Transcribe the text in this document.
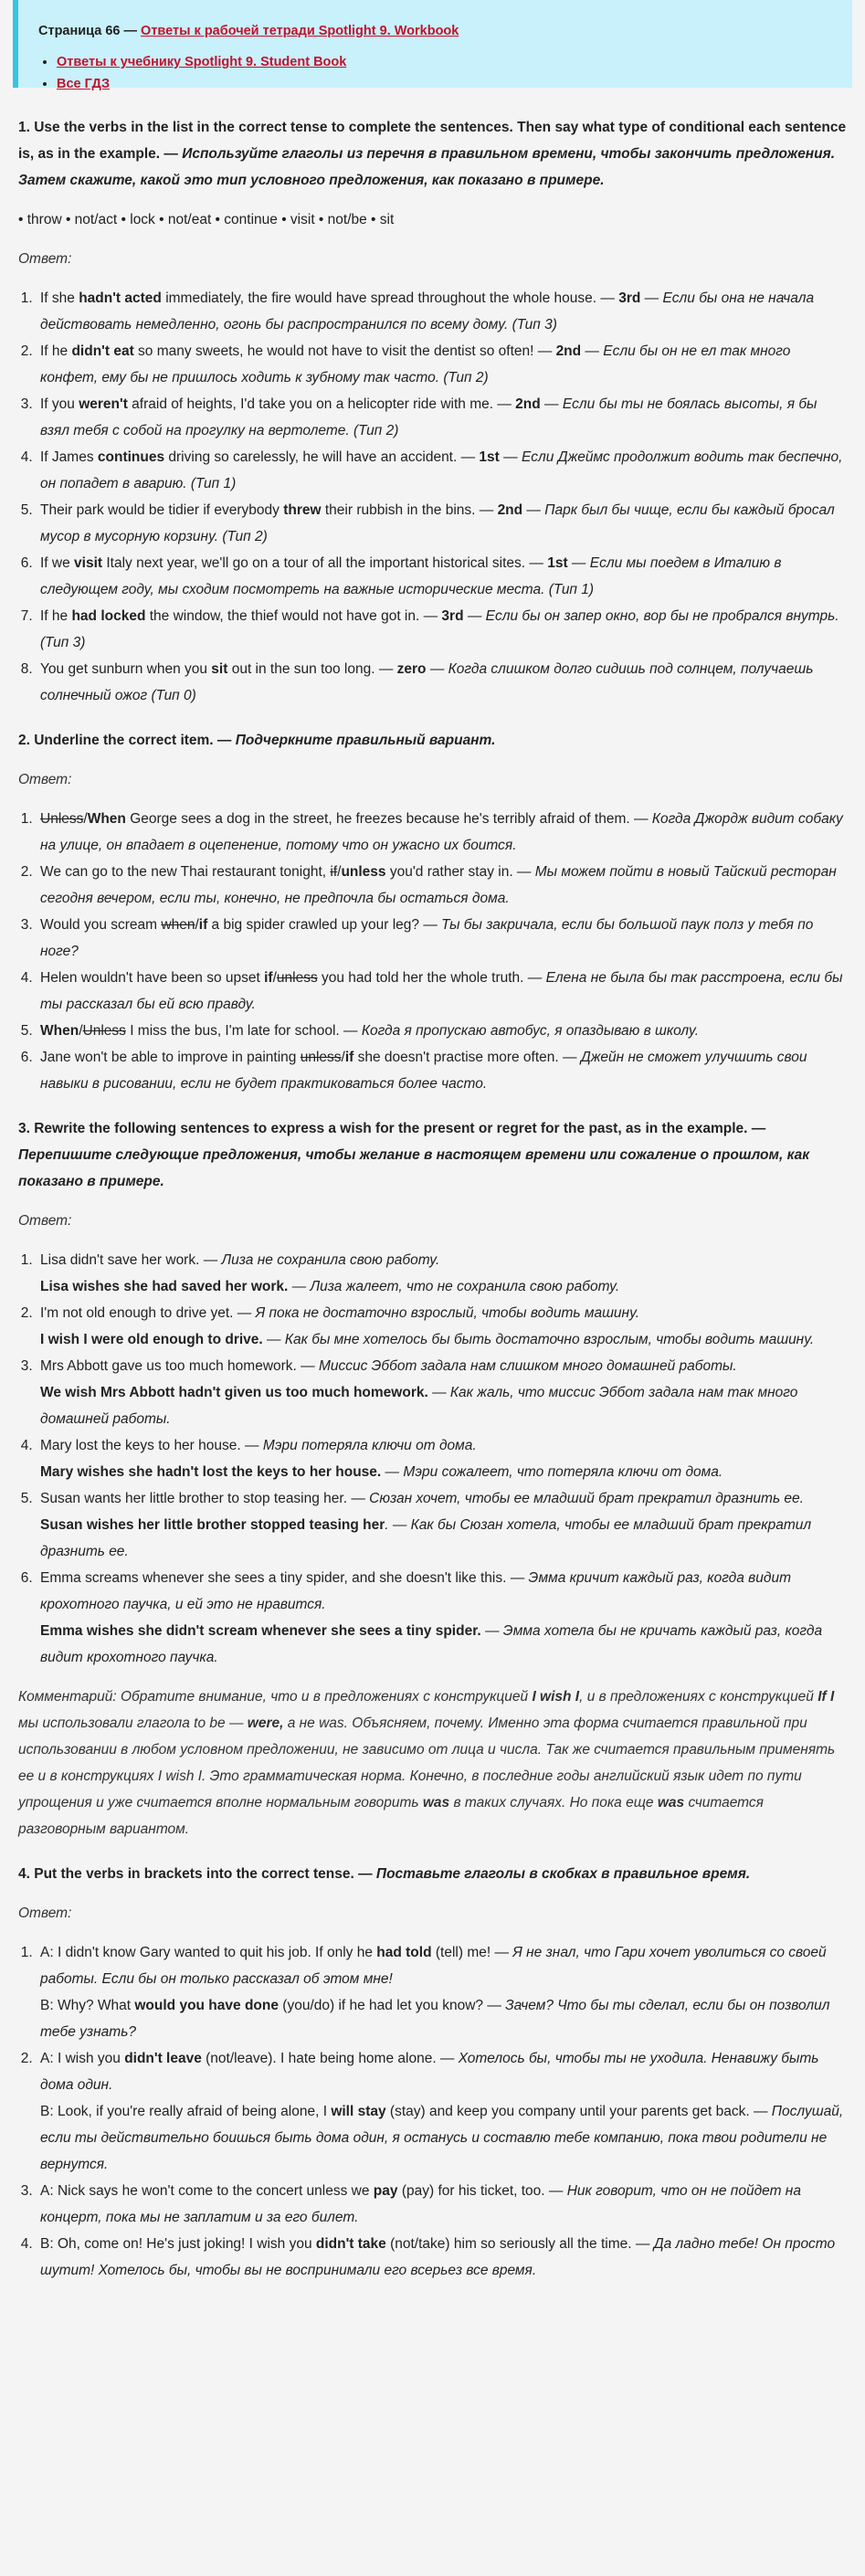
Страница 66 — Ответы к рабочей тетради Spotlight 9. Workbook
• Ответы к учебнику Spotlight 9. Student Book
• Все ГДЗ
1. Use the verbs in the list in the correct tense to complete the sentences. Then say what type of conditional each sentence is, as in the example. — Используйте глаголы из перечня в правильном времени, чтобы закончить предложения. Затем скажите, какой это тип условного предложения, как показано в примере.

• throw • not/act • lock • not/eat • continue • visit • not/be • sit

Ответ:

1. If she hadn't acted immediately, the fire would have spread throughout the whole house. — 3rd — Если бы она не начала действовать немедленно, огонь бы распространился по всему дому. (Тип 3)
2. If he didn't eat so many sweets, he would not have to visit the dentist so often! — 2nd — Если бы он не ел так много конфет, ему бы не пришлось ходить к зубному так часто. (Тип 2)
3. If you weren't afraid of heights, I'd take you on a helicopter ride with me. — 2nd — Если бы ты не боялась высоты, я бы взял тебя с собой на прогулку на вертолете. (Тип 2)
4. If James continues driving so carelessly, he will have an accident. — 1st — Если Джеймс продолжит водить так беспечно, он попадет в аварию. (Тип 1)
5. Their park would be tidier if everybody threw their rubbish in the bins. — 2nd — Парк был бы чище, если бы каждый бросал мусор в мусорную корзину. (Тип 2)
6. If we visit Italy next year, we'll go on a tour of all the important historical sites. — 1st — Если мы поедем в Италию в следующем году, мы сходим посмотреть на важные исторические места. (Тип 1)
7. If he had locked the window, the thief would not have got in. — 3rd — Если бы он запер окно, вор бы не пробрался внутрь. (Тип 3)
8. You get sunburn when you sit out in the sun too long. — zero — Когда слишком долго сидишь под солнцем, получаешь солнечный ожог (Тип 0)
2. Underline the correct item. — Подчеркните правильный вариант.

Ответ:

1. Unless/When George sees a dog in the street, he freezes because he's terribly afraid of them. — Когда Джордж видит собаку на улице, он впадает в оцепенение, потому что он ужасно их боится.
2. We can go to the new Thai restaurant tonight, if/unless you'd rather stay in. — Мы можем пойти в новый Тайский ресторан сегодня вечером, если ты, конечно, не предпочла бы остаться дома.
3. Would you scream when/if a big spider crawled up your leg? — Ты бы закричала, если бы большой паук полз у тебя по ноге?
4. Helen wouldn't have been so upset if/unless you had told her the whole truth. — Елена не была бы так расстроена, если бы ты рассказал бы ей всю правду.
5. When/Unless I miss the bus, I'm late for school. — Когда я пропускаю автобус, я опаздываю в школу.
6. Jane won't be able to improve in painting unless/if she doesn't practise more often. — Джейн не сможет улучшить свои навыки в рисовании, если не будет практиковаться более часто.
3. Rewrite the following sentences to express a wish for the present or regret for the past, as in the example. — Перепишите следующие предложения, чтобы желание в настоящем времени или сожаление о прошлом, как показано в примере.

Ответ:

1. Lisa didn't save her work. — Лиза не сохранила свою работу.
Lisa wishes she had saved her work. — Лиза жалеет, что не сохранила свою работу.
2. I'm not old enough to drive yet. — Я пока не достаточно взрослый, чтобы водить машину.
I wish I were old enough to drive. — Как бы мне хотелось бы быть достаточно взрослым, чтобы водить машину.
3. Mrs Abbott gave us too much homework. — Миссис Эббот задала нам слишком много домашней работы.
We wish Mrs Abbott hadn't given us too much homework. — Как жаль, что миссис Эббот задала нам так много домашней работы.
4. Mary lost the keys to her house. — Мэри потеряла ключи от дома.
Mary wishes she hadn't lost the keys to her house. — Мэри сожалеет, что потеряла ключи от дома.
5. Susan wants her little brother to stop teasing her. — Сюзан хочет, чтобы ее младший брат прекратил дразнить ее.
Susan wishes her little brother stopped teasing her. — Как бы Сюзан хотела, чтобы ее младший брат прекратил дразнить ее.
6. Emma screams whenever she sees a tiny spider, and she doesn't like this. — Эмма кричит каждый раз, когда видит крохотного паучка, и ей это не нравится.
Emma wishes she didn't scream whenever she sees a tiny spider. — Эмма хотела бы не кричать каждый раз, когда видит крохотного паучка.

Комментарий: Обратите внимание, что и в предложениях с конструкцией I wish I, и в предложениях с конструкцией If I мы использовали глагола to be — were, а не was. Объясняем, почему. Именно эта форма считается правильной при использовании в любом условном предложении, не зависимо от лица и числа. Так же считается правильным применять ее и в конструкциях I wish I. Это грамматическая норма. Конечно, в последние годы английский язык идет по пути упрощения и уже считается вполне нормальным говорить was в таких случаях. Но пока еще was считается разговорным вариантом.

4. Put the verbs in brackets into the correct tense. — Поставьте глаголы в скобках в правильное время.

Ответ:

1. A: I didn't know Gary wanted to quit his job. If only he had told (tell) me! — Я не знал, что Гари хочет уволиться со своей работы. Если бы он только рассказал об этом мне!
B: Why? What would you have done (you/do) if he had let you know? — Зачем? Что бы ты сделал, если бы он позволил тебе узнать?
2. A: I wish you didn't leave (not/leave). I hate being home alone. — Хотелось бы, чтобы ты не уходила. Ненавижу быть дома один.
B: Look, if you're really afraid of being alone, I will stay (stay) and keep you company until your parents get back. — Послушай, если ты действительно боишься быть дома один, я останусь и составлю тебе компанию, пока твои родители не вернутся.
3. A: Nick says he won't come to the concert unless we pay (pay) for his ticket, too. — Ник говорит, что он не пойдет на концерт, пока мы не заплатим и за его билет.
4. B: Oh, come on! He's just joking! I wish you didn't take (not/take) him so seriously all the time. — Да ладно тебе! Он просто шутит! Хотелось бы, чтобы вы не воспринимали его всерьез все время.
